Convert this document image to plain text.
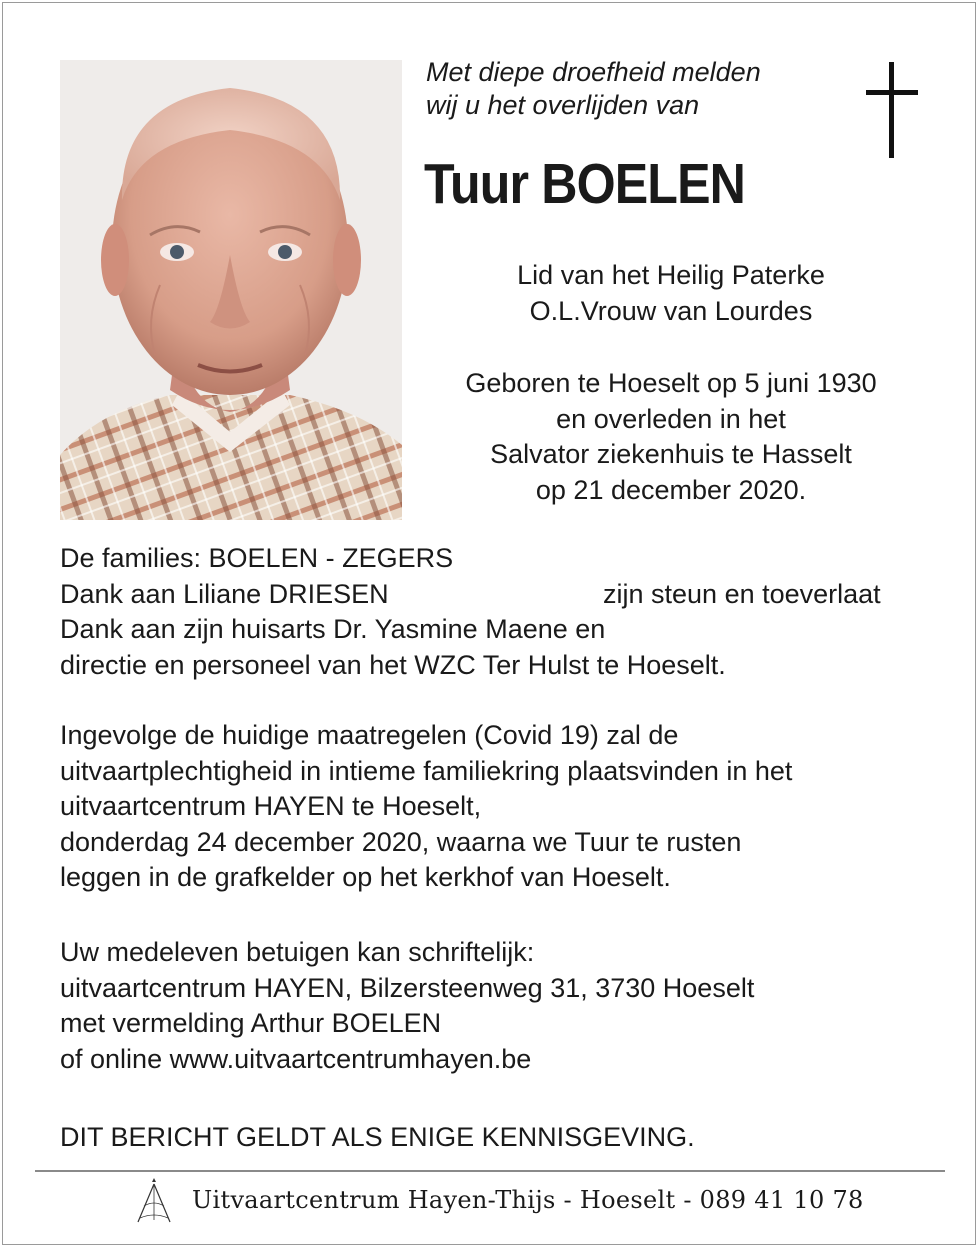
Met diepe droefheid melden
wij u het overlijden van
Tuur BOELEN
Lid van het Heilig Paterke
O.L.Vrouw van Lourdes
Geboren te Hoeselt op 5 juni 1930
en overleden in het
Salvator ziekenhuis te Hasselt
op 21 december 2020.
De families: BOELEN - ZEGERS
Dank aan Liliane DRIESEN
Dank aan zijn huisarts Dr. Yasmine Maene en
directie en personeel van het WZC Ter Hulst te Hoeselt.
zijn steun en toeverlaat
Ingevolge de huidige maatregelen (Covid 19) zal de
uitvaartplechtigheid in intieme familiekring plaatsvinden in het
uitvaartcentrum HAYEN te Hoeselt,
donderdag 24 december 2020, waarna we Tuur te rusten
leggen in de grafkelder op het kerkhof van Hoeselt.
Uw medeleven betuigen kan schriftelijk:
uitvaartcentrum HAYEN, Bilzersteenweg 31, 3730 Hoeselt
met vermelding Arthur BOELEN
of online www.uitvaartcentrumhayen.be
DIT BERICHT GELDT ALS ENIGE KENNISGEVING.
Uitvaartcentrum Hayen-Thijs - Hoeselt - 089 41 10 78
